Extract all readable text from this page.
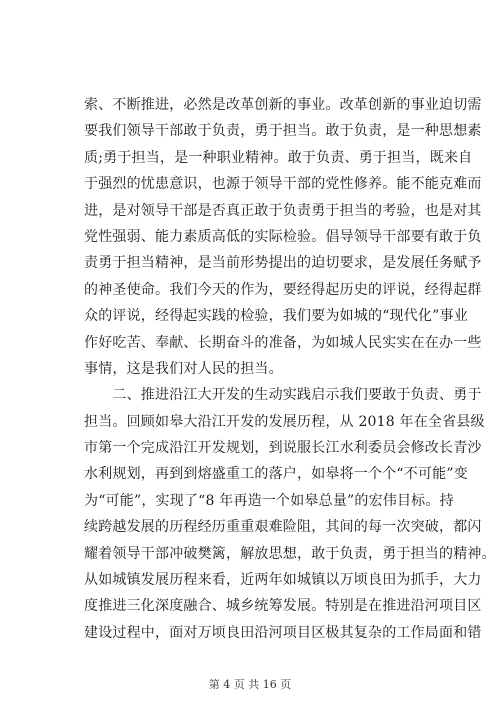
索、不断推进，必然是改革创新的事业。改革创新的事业迫切需
要我们领导干部敢于负责，勇于担当。敢于负责，是一种思想素
质;勇于担当，是一种职业精神。敢于负责、勇于担当，既来自
于强烈的忧患意识，也源于领导干部的党性修养。能不能克难而
进，是对领导干部是否真正敢于负责勇于担当的考验，也是对其
党性强弱、能力素质高低的实际检验。倡导领导干部要有敢于负
责勇于担当精神，是当前形势提出的迫切要求，是发展任务赋予
的神圣使命。我们今天的作为，要经得起历史的评说，经得起群
众的评说，经得起实践的检验，我们要为如城的“现代化”事业
作好吃苦、奉献、长期奋斗的准备，为如城人民实实在在办一些
事情，这是我们对人民的担当。
　　二、推进沿江大开发的生动实践启示我们要敢于负责、勇于
担当。回顾如皋大沿江开发的发展历程，从 2018 年在全省县级
市第一个完成沿江开发规划，到说服长江水利委员会修改长青沙
水利规划，再到到熔盛重工的落户，如皋将一个个“不可能”变
为“可能”，实现了“8 年再造一个如皋总量”的宏伟目标。持
续跨越发展的历程经历重重艰难险阻，其间的每一次突破，都闪
耀着领导干部冲破樊篱，解放思想，敢于负责，勇于担当的精神。
从如城镇发展历程来看，近两年如城镇以万顷良田为抓手，大力
度推进三化深度融合、城乡统筹发展。特别是在推进沿河项目区
建设过程中，面对万顷良田沿河项目区极其复杂的工作局面和错
第 4 页 共 16 页
